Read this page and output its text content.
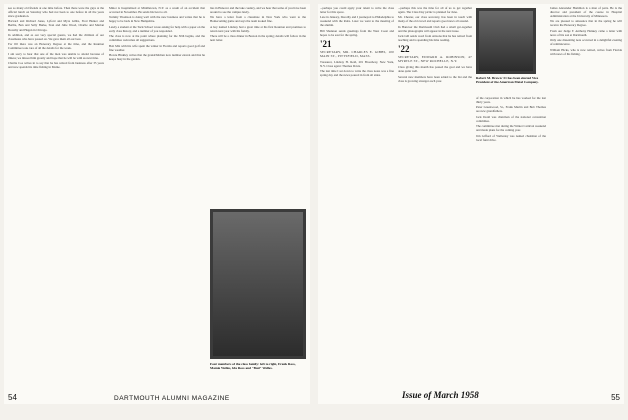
see so many old friends at one time before. Then there were the guys at the official lunch on Saturday who had not been to one before in all the years since graduation.

Harvard and Richard Jones, Lyford and Myra Gibbs, Fred Hunter and Bertha, Ben and Sally Burke, Stan and Julie Wood, Charlie and Marian Dorothy and Hagen in Chicago.

In addition, and as our very special guests, we had the children of our classmates who have passed on. We gave them all our best.

For Jill there was an Honorary Degree at the time, and the Reunion Committee took care of all the details for the week.

I am sorry to hear that one of the men was unable to attend because of illness; we missed him greatly and hope that he will be with us next time.

Charlie Coe writes in to say that he has retired from business after 35 years and now spends his time fishing in Maine.

Minot is hospitalized at Middletown, N.Y. as a result of an accident that occurred in November. He sends his best to all.

Tommy Thomson is doing well with the new business and writes that he is happy to be back in New Hampshire.

Lately a student at the Tuck School wrote asking for help with a paper on the early class history, and a number of you responded.

The class is now at the point where planning for the 50th begins, and the committee welcomes all suggestions.

Bob Mix with his wife spent the winter in Florida and reports good golf and fine weather.

Howie Hinkley writes that the grandchildren now number eleven and that he keeps busy in the garden.

lies in Hanover and the lake country, and we hear that some of you have been around to see the campus lately.

We have a letter from a classmate in New York who went to the Homecoming game and says the team looked fine.

A boy named Lindsay had a great time at his first Reunion and promises to return next year with his family.

There will be a class dinner in Boston in the spring; details will follow in the next letter.

Four members of the class family: left to right, Frank Ross, Mamie Welles, Ida Ross and "Bud" Welles.
54	DARTMOUTH ALUMNI MAGAZINE

...perhaps you could apply your talent to write the class letter for this space.

Late in January, Dorothy and I journeyed to Philadelphia to weekend with the Robs. Later we went to the meeting of the alumni.

Bill Shannon sends greetings from the West Coast and hopes to be east for the spring.

'21
SECRETARY, MR. CHARLES E. GIBBS, 100 MAIN ST., PITTSFIELD, MASS.

Treasurer, Lindsay H. Reid, 201 Broadway, New York, N.Y. Class agent: Thomas Davis.

The last time I sat down to write the class notes was a fine spring day and the news poured in from all sides.

...perhaps this was the time for all of us to get together again. The Class Day picnic is planned for June.

Mr. Chester, our class secretary, has been in touch with many of the old crowd and reports good news all around.

In Hanover the Dartmouth Club had a small get-together and the photographs will appear in the next issue.

Jack Gill sends word from Arizona that he has retired from teaching and is spending his time reading.

'22
SECRETARY, EDWARD A. ROBINSON, 47 MYRTLE ST., NEW ROCHELLE, N.Y.

Class giving this month has passed the goal and we have done quite well.

Several new members have been added to the list and the class is growing stronger each year.

Robert M. Brown '21 has been elected Vice President of the American Metal Company.

of the corporation in which he has worked for the last thirty years.

Peter Greenwood, Sr., Frank Martin and Bob Thomas are new grandfathers.

Jack Dodd was chairman of the national convention committee.

The committee met during the Winter Carnival weekend and made plans for the coming year.

Jim Gifford of Wellesley was named chairman of the local fund drive.

James Alexander Hamilton is a man of parts. He is the director and president of the course in Hospital Administration at the University of Minnesota.

We are pleased to announce that in the spring he will receive the Honorary Degree.

From our Judge F. Anthony Hankey came a letter with news of his son at Dartmouth.

Only one dissenting note occurred in a delightful evening of reminiscence.

William Hicks, who is now retired, writes from Florida with news of his fishing.

Issue of March 1958	55
